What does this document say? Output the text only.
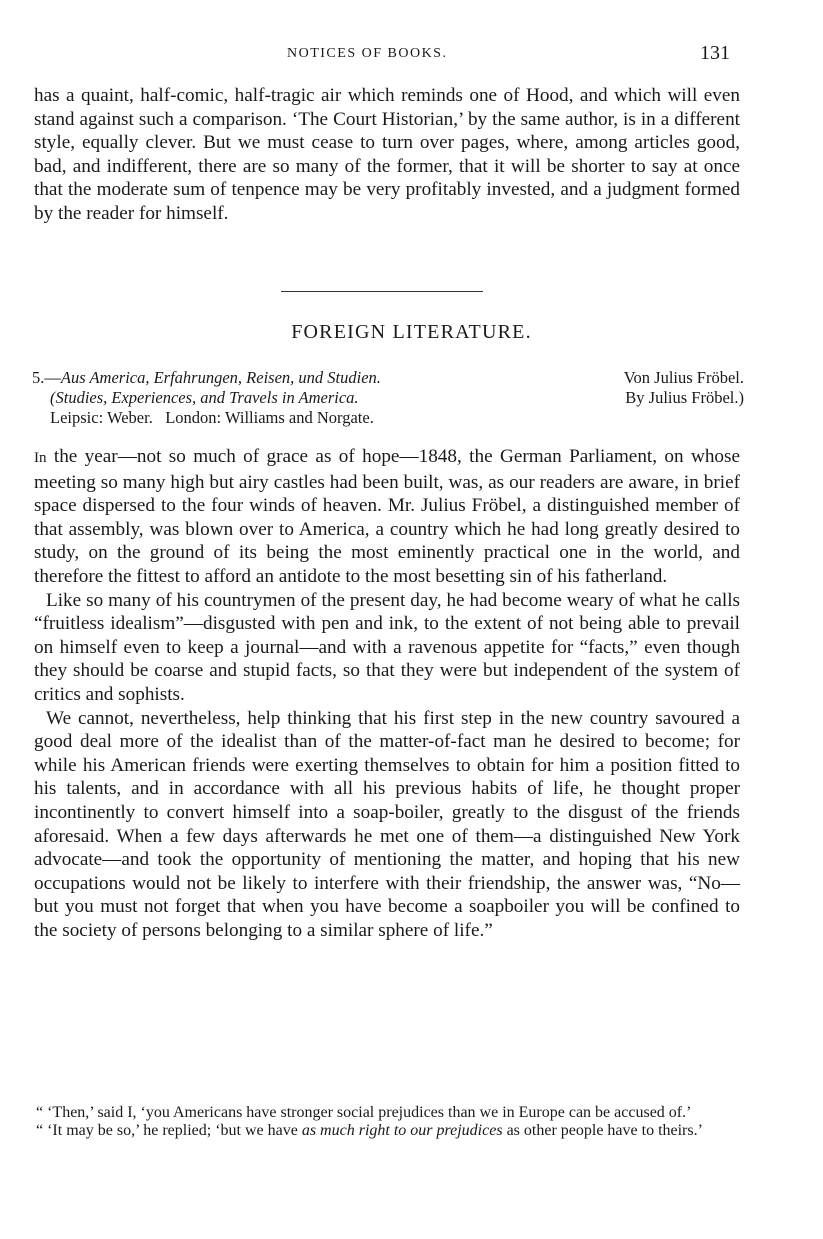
NOTICES OF BOOKS.	131

has a quaint, half-comic, half-tragic air which reminds one of Hood, and which will even stand against such a comparison. ‘The Court Historian,’ by the same author, is in a different style, equally clever. But we must cease to turn over pages, where, among articles good, bad, and indifferent, there are so many of the former, that it will be shorter to say at once that the moderate sum of tenpence may be very profitably invested, and a judgment formed by the reader for himself.

FOREIGN LITERATURE.
5.—Aus America, Erfahrungen, Reisen, und Studien.	Von Julius Fröbel.
(Studies, Experiences, and Travels in America.	By Julius Fröbel.)
Leipsic: Weber.   London: Williams and Norgate.

In the year—not so much of grace as of hope—1848, the German Parliament, on whose meeting so many high but airy castles had been built, was, as our readers are aware, in brief space dispersed to the four winds of heaven. Mr. Julius Fröbel, a distinguished member of that assembly, was blown over to America, a country which he had long greatly desired to study, on the ground of its being the most eminently practical one in the world, and therefore the fittest to afford an antidote to the most besetting sin of his fatherland.

Like so many of his countrymen of the present day, he had become weary of what he calls “fruitless idealism”—disgusted with pen and ink, to the extent of not being able to prevail on himself even to keep a journal—and with a ravenous appetite for “facts,” even though they should be coarse and stupid facts, so that they were but independent of the system of critics and sophists.

We cannot, nevertheless, help thinking that his first step in the new country savoured a good deal more of the idealist than of the matter-of-fact man he desired to become; for while his American friends were exerting themselves to obtain for him a position fitted to his talents, and in accordance with all his previous habits of life, he thought proper incontinently to convert himself into a soap-boiler, greatly to the disgust of the friends aforesaid. When a few days afterwards he met one of them—a distinguished New York advocate—and took the opportunity of mentioning the matter, and hoping that his new occupations would not be likely to interfere with their friendship, the answer was, “No—but you must not forget that when you have become a soapboiler you will be confined to the society of persons belonging to a similar sphere of life.”

“ ‘Then,’ said I, ‘you Americans have stronger social prejudices than we in Europe can be accused of.’

“ ‘It may be so,’ he replied; ‘but we have as much right to our prejudices as other people have to theirs.’
